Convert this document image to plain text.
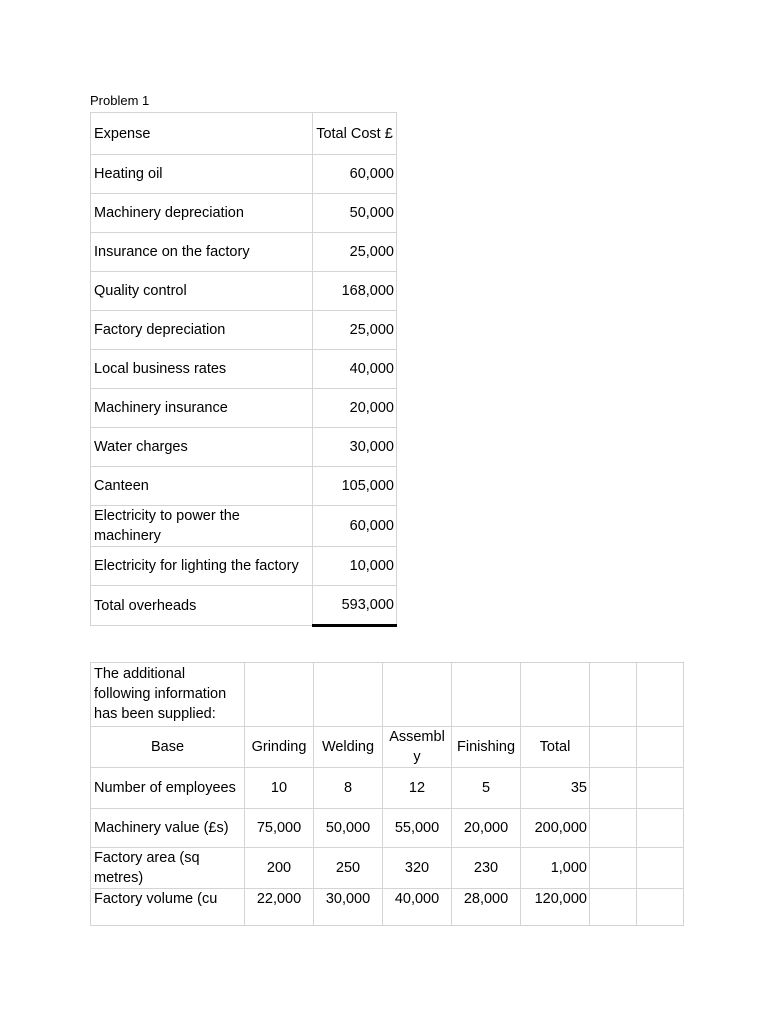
Problem 1
Expense	Total Cost £
Heating oil	60,000
Machinery depreciation	50,000
Insurance on the factory	25,000
Quality control	168,000
Factory depreciation	25,000
Local business rates	40,000
Machinery insurance	20,000
Water charges	30,000
Canteen	105,000
Electricity to power the machinery	60,000
Electricity for lighting the factory	10,000
Total overheads	593,000
The additional following information has been supplied:							
Base	Grinding	Welding	Assembl y	Finishing	Total		
Number of employees	10	8	12	5	35		
Machinery value (£s)	75,000	50,000	55,000	20,000	200,000		
Factory area (sq metres)	200	250	320	230	1,000		
Factory volume (cu	22,000	30,000	40,000	28,000	120,000		
